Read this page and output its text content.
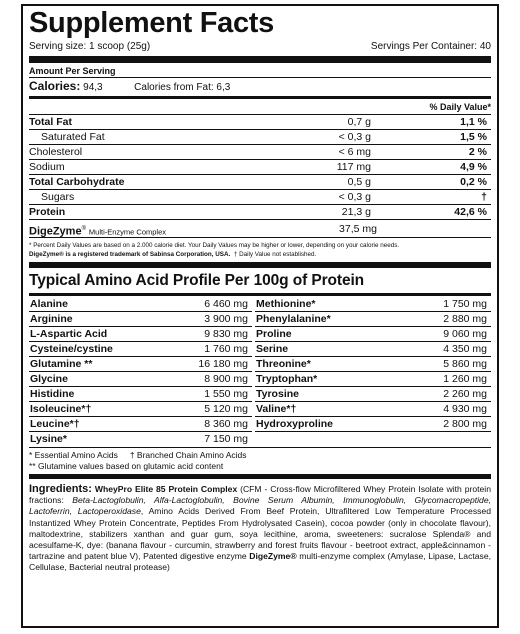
Supplement Facts
Serving size: 1 scoop (25g)	Servings Per Container: 40
Amount Per Serving
Calories: 94,3	Calories from Fat: 6,3
% Daily Value*
Total Fat	0,7 g	1,1 %
Saturated Fat	< 0,3 g	1,5 %
Cholesterol	< 6 mg	2 %
Sodium	117 mg	4,9 %
Total Carbohydrate	0,5 g	0,2 %
Sugars	< 0,3 g	†
Protein	21,3 g	42,6 %
DigeZyme® Multi-Enzyme Complex	37,5 mg
* Percent Daily Values are based on a 2.000 calorie diet. Your Daily Values may be higher or lower, depending on your calorie needs.
DigeZyme® is a registered trademark of Sabinsa Corporation, USA. † Daily Value not established.
Typical Amino Acid Profile Per 100g of Protein
Alanine	6 460 mg
Arginine	3 900 mg
L-Aspartic Acid	9 830 mg
Cysteine/cystine	1 760 mg
Glutamine **	16 180 mg
Glycine	8 900 mg
Histidine	1 550 mg
Isoleucine*†	5 120 mg
Leucine*†	8 360 mg
Lysine*	7 150 mg
Methionine*	1 750 mg
Phenylalanine*	2 880 mg
Proline	9 060 mg
Serine	4 350 mg
Threonine*	5 860 mg
Tryptophan*	1 260 mg
Tyrosine	2 260 mg
Valine*†	4 930 mg
Hydroxyproline	2 800 mg
* Essential Amino Acids † Branched Chain Amino Acids
** Glutamine values based on glutamic acid content
Ingredients: WheyPro Elite 85 Protein Complex (CFM - Cross-flow Microfiltered Whey Protein Isolate with protein fractions: Beta-Lactoglobulin, Alfa-Lactoglobulin, Bovine Serum Albumin, Immunoglobulin, Glycomacropeptide, Lactoferrin, Lactoperoxidase, Amino Acids Derived From Beef Protein, Ultrafiltered Low Temperature Processed Instantized Whey Protein Concentrate, Peptides From Hydrolysated Casein), cocoa powder (only in chocolate flavour), maltodextrine, stabilizers xanthan and guar gum, soya lecithine, aroma, sweeteners: sucralose Splenda® and acesulfame-K, dye: (banana flavour - curcumin, strawberry and forest fruits flavour - beetroot extract, apple&cinnamon - tartrazine and patent blue V), Patented digestive enzyme DigeZyme® multi-enzyme complex (Amylase, Lipase, Lactase, Cellulase, Bacterial neutral protease)
